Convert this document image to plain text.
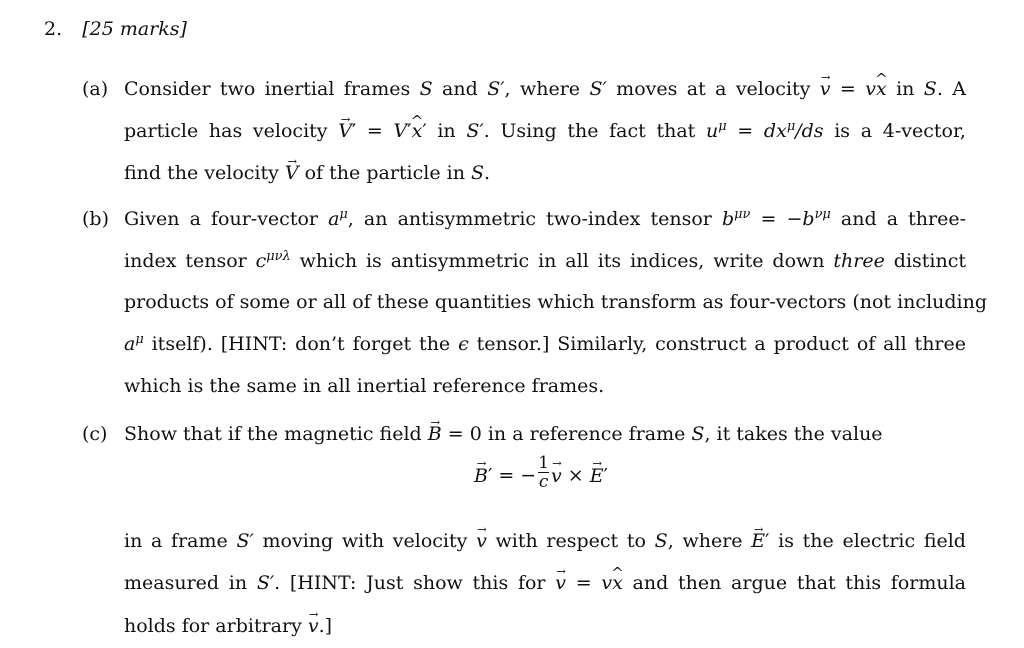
2. [25 marks]
(a) Consider two inertial frames S and S′, where S′ moves at a velocity → v = v^ x in S. A
particle has velocity → V′ = V′^ x′ in S′. Using the fact that $u^\mu = dx^\mu/ds$ is a 4-vector,
find the velocity → V of the particle in S.
(b) Given a four-vector $a^\mu$, an antisymmetric two-index tensor $b^{\mu\nu} = -b^{\nu\mu}$ and a three-
index tensor $c^{\mu\nu\lambda}$ which is antisymmetric in all its indices, write down three distinct
products of some or all of these quantities which transform as four-vectors (not including
$a^\mu$ itself). [HINT: don’t forget the ϵ tensor.] Similarly, construct a product of all three
which is the same in all inertial reference frames.
(c) Show that if the magnetic field → B = 0 in a reference frame S, it takes the value
→ B′ = − $\frac{1}{c}$
→ v × → E′
in a frame S′ moving with velocity → v with respect to S, where → E′ is the electric field
measured in S′. [HINT: Just show this for → v = v^ x and then argue that this formula
holds for arbitrary → v.]
